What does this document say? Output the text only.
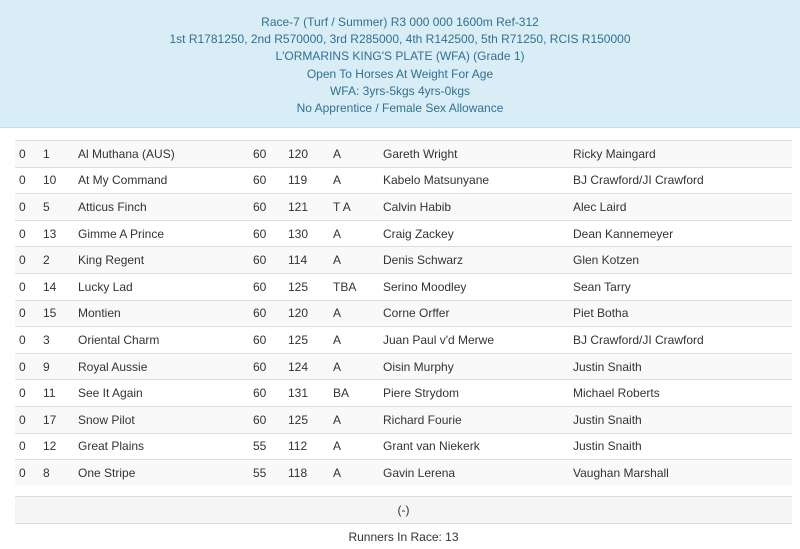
Race-7 (Turf / Summer) R3 000 000 1600m Ref-312
1st R1781250, 2nd R570000, 3rd R285000, 4th R142500, 5th R71250, RCIS R150000
L'ORMARINS KING'S PLATE (WFA) (Grade 1)
Open To Horses At Weight For Age
WFA: 3yrs-5kgs 4yrs-0kgs
No Apprentice / Female Sex Allowance
0	1	Al Muthana (AUS)	60	120	A	Gareth Wright	Ricky Maingard
0	10	At My Command	60	119	A	Kabelo Matsunyane	BJ Crawford/JI Crawford
0	5	Atticus Finch	60	121	T A	Calvin Habib	Alec Laird
0	13	Gimme A Prince	60	130	A	Craig Zackey	Dean Kannemeyer
0	2	King Regent	60	114	A	Denis Schwarz	Glen Kotzen
0	14	Lucky Lad	60	125	TBA	Serino Moodley	Sean Tarry
0	15	Montien	60	120	A	Corne Orffer	Piet Botha
0	3	Oriental Charm	60	125	A	Juan Paul v'd Merwe	BJ Crawford/JI Crawford
0	9	Royal Aussie	60	124	A	Oisin Murphy	Justin Snaith
0	11	See It Again	60	131	BA	Piere Strydom	Michael Roberts
0	17	Snow Pilot	60	125	A	Richard Fourie	Justin Snaith
0	12	Great Plains	55	112	A	Grant van Niekerk	Justin Snaith
0	8	One Stripe	55	118	A	Gavin Lerena	Vaughan Marshall
(-)
Runners In Race: 13
